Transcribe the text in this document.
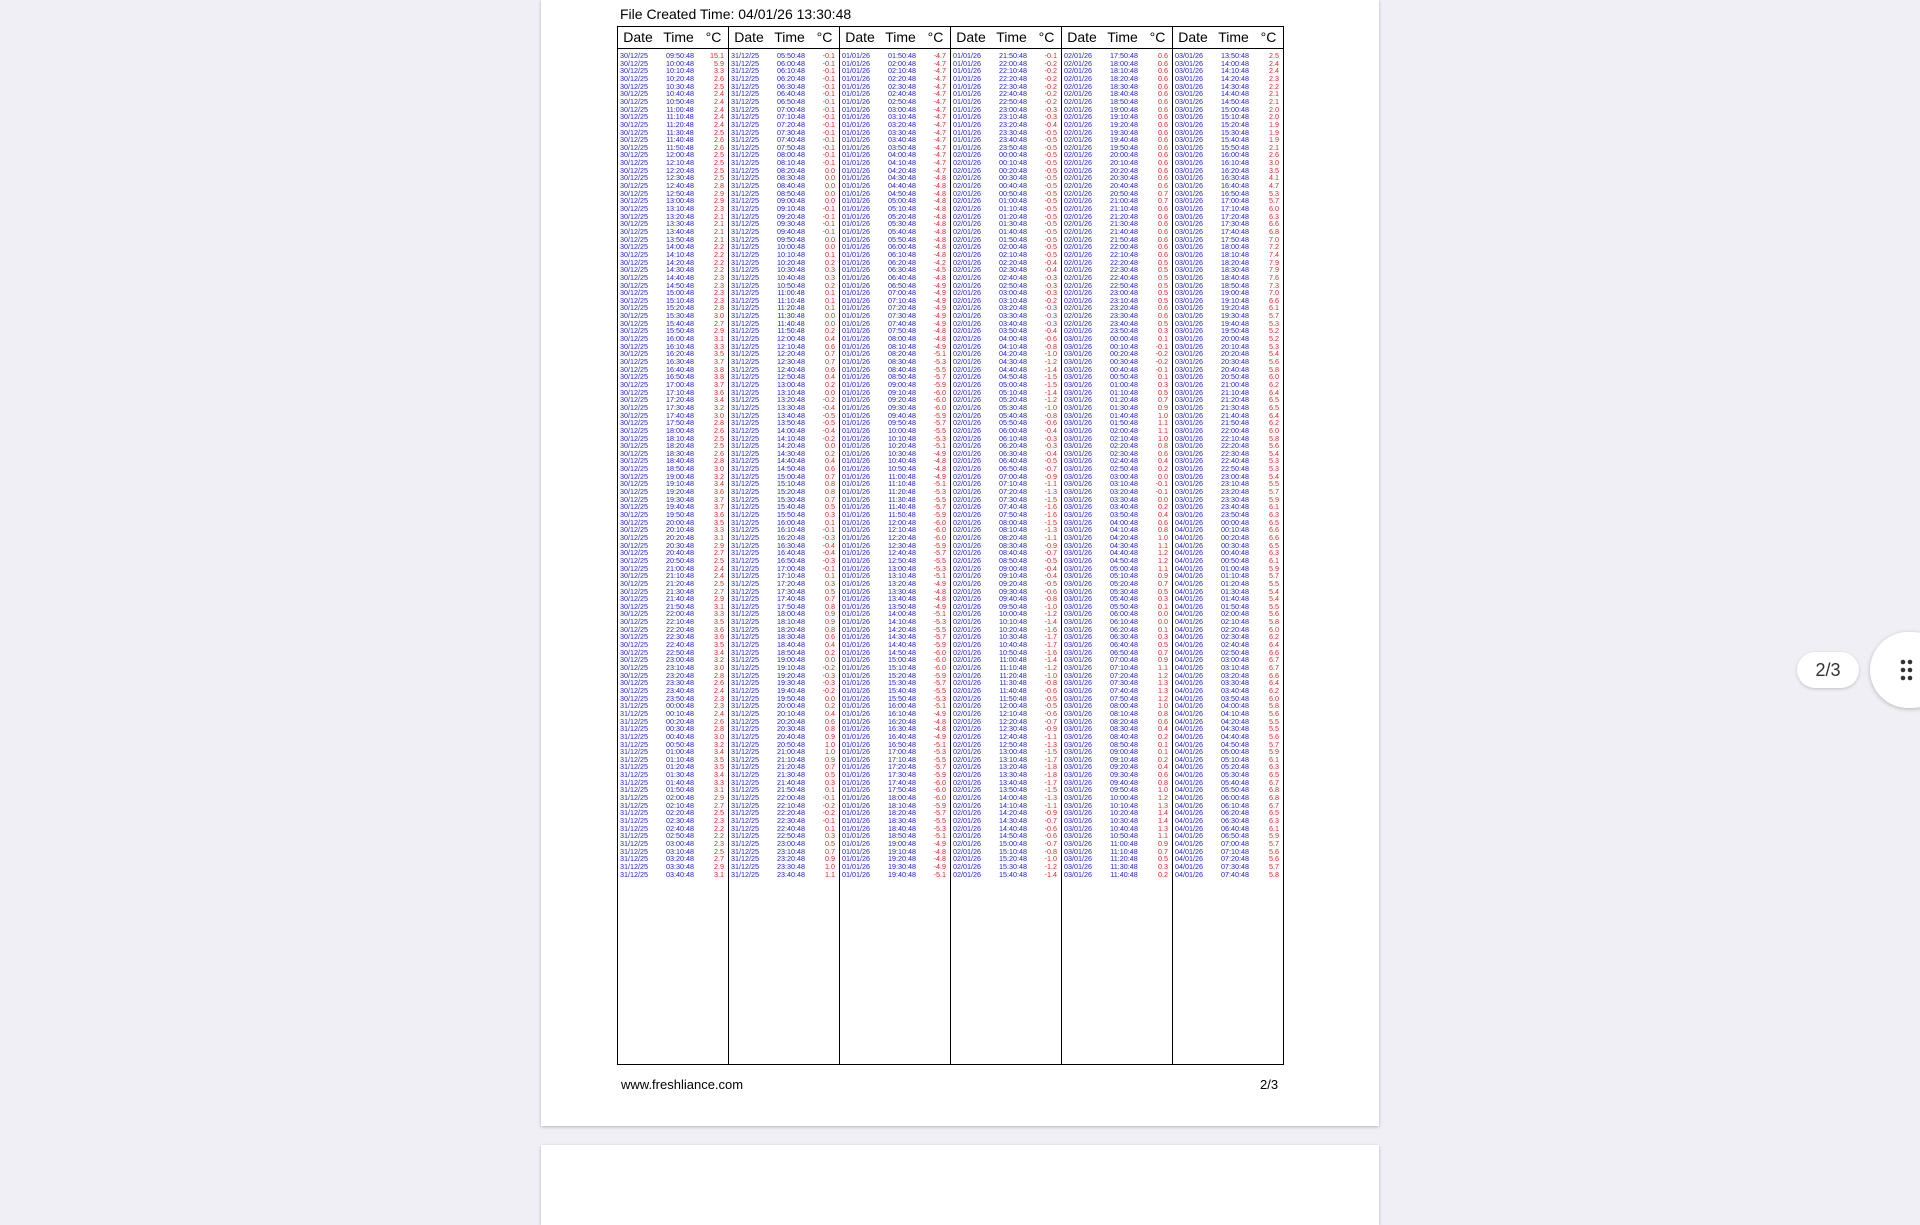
File Created Time: 04/01/26 13:30:48
Date Time °C
30/12/25	09:50:48	15.1
30/12/25	10:00:48	5.9
30/12/25	10:10:48	3.3
30/12/25	10:20:48	2.6
30/12/25	10:30:48	2.5
30/12/25	10:40:48	2.4
30/12/25	10:50:48	2.4
30/12/25	11:00:48	2.4
30/12/25	11:10:48	2.4
30/12/25	11:20:48	2.4
30/12/25	11:30:48	2.5
30/12/25	11:40:48	2.6
30/12/25	11:50:48	2.6
30/12/25	12:00:48	2.5
30/12/25	12:10:48	2.5
30/12/25	12:20:48	2.5
30/12/25	12:30:48	2.5
30/12/25	12:40:48	2.8
30/12/25	12:50:48	2.9
30/12/25	13:00:48	2.9
30/12/25	13:10:48	2.3
30/12/25	13:20:48	2.1
30/12/25	13:30:48	2.1
30/12/25	13:40:48	2.1
30/12/25	13:50:48	2.1
30/12/25	14:00:48	2.2
30/12/25	14:10:48	2.2
30/12/25	14:20:48	2.2
30/12/25	14:30:48	2.2
30/12/25	14:40:48	2.3
30/12/25	14:50:48	2.3
30/12/25	15:00:48	2.3
30/12/25	15:10:48	2.3
30/12/25	15:20:48	2.8
30/12/25	15:30:48	3.0
30/12/25	15:40:48	2.7
30/12/25	15:50:48	2.9
30/12/25	16:00:48	3.1
30/12/25	16:10:48	3.3
30/12/25	16:20:48	3.5
30/12/25	16:30:48	3.7
30/12/25	16:40:48	3.8
30/12/25	16:50:48	3.8
30/12/25	17:00:48	3.7
30/12/25	17:10:48	3.6
30/12/25	17:20:48	3.4
30/12/25	17:30:48	3.2
30/12/25	17:40:48	3.0
30/12/25	17:50:48	2.8
30/12/25	18:00:48	2.6
30/12/25	18:10:48	2.5
30/12/25	18:20:48	2.5
30/12/25	18:30:48	2.6
30/12/25	18:40:48	2.8
30/12/25	18:50:48	3.0
30/12/25	19:00:48	3.2
30/12/25	19:10:48	3.4
30/12/25	19:20:48	3.6
30/12/25	19:30:48	3.7
30/12/25	19:40:48	3.7
30/12/25	19:50:48	3.6
30/12/25	20:00:48	3.5
30/12/25	20:10:48	3.3
30/12/25	20:20:48	3.1
30/12/25	20:30:48	2.9
30/12/25	20:40:48	2.7
30/12/25	20:50:48	2.5
30/12/25	21:00:48	2.4
30/12/25	21:10:48	2.4
30/12/25	21:20:48	2.5
30/12/25	21:30:48	2.7
30/12/25	21:40:48	2.9
30/12/25	21:50:48	3.1
30/12/25	22:00:48	3.3
30/12/25	22:10:48	3.5
30/12/25	22:20:48	3.6
30/12/25	22:30:48	3.6
30/12/25	22:40:48	3.5
30/12/25	22:50:48	3.4
30/12/25	23:00:48	3.2
30/12/25	23:10:48	3.0
30/12/25	23:20:48	2.8
30/12/25	23:30:48	2.6
30/12/25	23:40:48	2.4
30/12/25	23:50:48	2.3
31/12/25	00:00:48	2.3
31/12/25	00:10:48	2.4
31/12/25	00:20:48	2.6
31/12/25	00:30:48	2.8
31/12/25	00:40:48	3.0
31/12/25	00:50:48	3.2
31/12/25	01:00:48	3.4
31/12/25	01:10:48	3.5
31/12/25	01:20:48	3.5
31/12/25	01:30:48	3.4
31/12/25	01:40:48	3.3
31/12/25	01:50:48	3.1
31/12/25	02:00:48	2.9
31/12/25	02:10:48	2.7
31/12/25	02:20:48	2.5
31/12/25	02:30:48	2.3
31/12/25	02:40:48	2.2
31/12/25	02:50:48	2.2
31/12/25	03:00:48	2.3
31/12/25	03:10:48	2.5
31/12/25	03:20:48	2.7
31/12/25	03:30:48	2.9
31/12/25	03:40:48	3.1
Date Time °C
31/12/25	05:50:48	-0.1
31/12/25	06:00:48	-0.1
31/12/25	06:10:48	-0.1
31/12/25	06:20:48	-0.1
31/12/25	06:30:48	-0.1
31/12/25	06:40:48	-0.1
31/12/25	06:50:48	-0.1
31/12/25	07:00:48	-0.1
31/12/25	07:10:48	-0.1
31/12/25	07:20:48	-0.1
31/12/25	07:30:48	-0.1
31/12/25	07:40:48	-0.1
31/12/25	07:50:48	-0.1
31/12/25	08:00:48	-0.1
31/12/25	08:10:48	-0.1
31/12/25	08:20:48	0.0
31/12/25	08:30:48	0.0
31/12/25	08:40:48	0.0
31/12/25	08:50:48	0.0
31/12/25	09:00:48	0.0
31/12/25	09:10:48	-0.1
31/12/25	09:20:48	-0.1
31/12/25	09:30:48	-0.1
31/12/25	09:40:48	-0.1
31/12/25	09:50:48	0.0
31/12/25	10:00:48	0.0
31/12/25	10:10:48	0.1
31/12/25	10:20:48	0.2
31/12/25	10:30:48	0.3
31/12/25	10:40:48	0.3
31/12/25	10:50:48	0.2
31/12/25	11:00:48	0.1
31/12/25	11:10:48	0.1
31/12/25	11:20:48	0.1
31/12/25	11:30:48	0.0
31/12/25	11:40:48	0.0
31/12/25	11:50:48	0.2
31/12/25	12:00:48	0.4
31/12/25	12:10:48	0.6
31/12/25	12:20:48	0.7
31/12/25	12:30:48	0.7
31/12/25	12:40:48	0.6
31/12/25	12:50:48	0.4
31/12/25	13:00:48	0.2
31/12/25	13:10:48	0.0
31/12/25	13:20:48	-0.2
31/12/25	13:30:48	-0.4
31/12/25	13:40:48	-0.5
31/12/25	13:50:48	-0.5
31/12/25	14:00:48	-0.4
31/12/25	14:10:48	-0.2
31/12/25	14:20:48	0.0
31/12/25	14:30:48	0.2
31/12/25	14:40:48	0.4
31/12/25	14:50:48	0.6
31/12/25	15:00:48	0.7
31/12/25	15:10:48	0.8
31/12/25	15:20:48	0.8
31/12/25	15:30:48	0.7
31/12/25	15:40:48	0.5
31/12/25	15:50:48	0.3
31/12/25	16:00:48	0.1
31/12/25	16:10:48	-0.1
31/12/25	16:20:48	-0.3
31/12/25	16:30:48	-0.4
31/12/25	16:40:48	-0.4
31/12/25	16:50:48	-0.3
31/12/25	17:00:48	-0.1
31/12/25	17:10:48	0.1
31/12/25	17:20:48	0.3
31/12/25	17:30:48	0.5
31/12/25	17:40:48	0.7
31/12/25	17:50:48	0.8
31/12/25	18:00:48	0.9
31/12/25	18:10:48	0.9
31/12/25	18:20:48	0.8
31/12/25	18:30:48	0.6
31/12/25	18:40:48	0.4
31/12/25	18:50:48	0.2
31/12/25	19:00:48	0.0
31/12/25	19:10:48	-0.2
31/12/25	19:20:48	-0.3
31/12/25	19:30:48	-0.3
31/12/25	19:40:48	-0.2
31/12/25	19:50:48	0.0
31/12/25	20:00:48	0.2
31/12/25	20:10:48	0.4
31/12/25	20:20:48	0.6
31/12/25	20:30:48	0.8
31/12/25	20:40:48	0.9
31/12/25	20:50:48	1.0
31/12/25	21:00:48	1.0
31/12/25	21:10:48	0.9
31/12/25	21:20:48	0.7
31/12/25	21:30:48	0.5
31/12/25	21:40:48	0.3
31/12/25	21:50:48	0.1
31/12/25	22:00:48	-0.1
31/12/25	22:10:48	-0.2
31/12/25	22:20:48	-0.2
31/12/25	22:30:48	-0.1
31/12/25	22:40:48	0.1
31/12/25	22:50:48	0.3
31/12/25	23:00:48	0.5
31/12/25	23:10:48	0.7
31/12/25	23:20:48	0.9
31/12/25	23:30:48	1.0
31/12/25	23:40:48	1.1
Date Time °C
01/01/26	01:50:48	-4.7
01/01/26	02:00:48	-4.7
01/01/26	02:10:48	-4.7
01/01/26	02:20:48	-4.7
01/01/26	02:30:48	-4.7
01/01/26	02:40:48	-4.7
01/01/26	02:50:48	-4.7
01/01/26	03:00:48	-4.7
01/01/26	03:10:48	-4.7
01/01/26	03:20:48	-4.7
01/01/26	03:30:48	-4.7
01/01/26	03:40:48	-4.7
01/01/26	03:50:48	-4.7
01/01/26	04:00:48	-4.7
01/01/26	04:10:48	-4.7
01/01/26	04:20:48	-4.7
01/01/26	04:30:48	-4.8
01/01/26	04:40:48	-4.8
01/01/26	04:50:48	-4.8
01/01/26	05:00:48	-4.8
01/01/26	05:10:48	-4.8
01/01/26	05:20:48	-4.8
01/01/26	05:30:48	-4.8
01/01/26	05:40:48	-4.8
01/01/26	05:50:48	-4.8
01/01/26	06:00:48	-4.8
01/01/26	06:10:48	-4.8
01/01/26	06:20:48	-4.2
01/01/26	06:30:48	-4.5
01/01/26	06:40:48	-4.8
01/01/26	06:50:48	-4.9
01/01/26	07:00:48	-4.9
01/01/26	07:10:48	-4.9
01/01/26	07:20:48	-4.9
01/01/26	07:30:48	-4.9
01/01/26	07:40:48	-4.9
01/01/26	07:50:48	-4.8
01/01/26	08:00:48	-4.8
01/01/26	08:10:48	-4.9
01/01/26	08:20:48	-5.1
01/01/26	08:30:48	-5.3
01/01/26	08:40:48	-5.5
01/01/26	08:50:48	-5.7
01/01/26	09:00:48	-5.9
01/01/26	09:10:48	-6.0
01/01/26	09:20:48	-6.0
01/01/26	09:30:48	-6.0
01/01/26	09:40:48	-5.9
01/01/26	09:50:48	-5.7
01/01/26	10:00:48	-5.5
01/01/26	10:10:48	-5.3
01/01/26	10:20:48	-5.1
01/01/26	10:30:48	-4.9
01/01/26	10:40:48	-4.8
01/01/26	10:50:48	-4.8
01/01/26	11:00:48	-4.9
01/01/26	11:10:48	-5.1
01/01/26	11:20:48	-5.3
01/01/26	11:30:48	-5.5
01/01/26	11:40:48	-5.7
01/01/26	11:50:48	-5.9
01/01/26	12:00:48	-6.0
01/01/26	12:10:48	-6.0
01/01/26	12:20:48	-6.0
01/01/26	12:30:48	-5.9
01/01/26	12:40:48	-5.7
01/01/26	12:50:48	-5.5
01/01/26	13:00:48	-5.3
01/01/26	13:10:48	-5.1
01/01/26	13:20:48	-4.9
01/01/26	13:30:48	-4.8
01/01/26	13:40:48	-4.8
01/01/26	13:50:48	-4.9
01/01/26	14:00:48	-5.1
01/01/26	14:10:48	-5.3
01/01/26	14:20:48	-5.5
01/01/26	14:30:48	-5.7
01/01/26	14:40:48	-5.9
01/01/26	14:50:48	-6.0
01/01/26	15:00:48	-6.0
01/01/26	15:10:48	-6.0
01/01/26	15:20:48	-5.9
01/01/26	15:30:48	-5.7
01/01/26	15:40:48	-5.5
01/01/26	15:50:48	-5.3
01/01/26	16:00:48	-5.1
01/01/26	16:10:48	-4.9
01/01/26	16:20:48	-4.8
01/01/26	16:30:48	-4.8
01/01/26	16:40:48	-4.9
01/01/26	16:50:48	-5.1
01/01/26	17:00:48	-5.3
01/01/26	17:10:48	-5.5
01/01/26	17:20:48	-5.7
01/01/26	17:30:48	-5.9
01/01/26	17:40:48	-6.0
01/01/26	17:50:48	-6.0
01/01/26	18:00:48	-6.0
01/01/26	18:10:48	-5.9
01/01/26	18:20:48	-5.7
01/01/26	18:30:48	-5.5
01/01/26	18:40:48	-5.3
01/01/26	18:50:48	-5.1
01/01/26	19:00:48	-4.9
01/01/26	19:10:48	-4.8
01/01/26	19:20:48	-4.8
01/01/26	19:30:48	-4.9
01/01/26	19:40:48	-5.1
Date Time °C
01/01/26	21:50:48	-0.1
01/01/26	22:00:48	-0.2
01/01/26	22:10:48	-0.2
01/01/26	22:20:48	-0.2
01/01/26	22:30:48	-0.2
01/01/26	22:40:48	-0.2
01/01/26	22:50:48	-0.2
01/01/26	23:00:48	-0.3
01/01/26	23:10:48	-0.3
01/01/26	23:20:48	-0.4
01/01/26	23:30:48	-0.5
01/01/26	23:40:48	-0.5
01/01/26	23:50:48	-0.5
02/01/26	00:00:48	-0.5
02/01/26	00:10:48	-0.5
02/01/26	00:20:48	-0.5
02/01/26	00:30:48	-0.5
02/01/26	00:40:48	-0.5
02/01/26	00:50:48	-0.5
02/01/26	01:00:48	-0.5
02/01/26	01:10:48	-0.5
02/01/26	01:20:48	-0.5
02/01/26	01:30:48	-0.5
02/01/26	01:40:48	-0.5
02/01/26	01:50:48	-0.5
02/01/26	02:00:48	-0.5
02/01/26	02:10:48	-0.5
02/01/26	02:20:48	-0.4
02/01/26	02:30:48	-0.4
02/01/26	02:40:48	-0.3
02/01/26	02:50:48	-0.3
02/01/26	03:00:48	-0.3
02/01/26	03:10:48	-0.2
02/01/26	03:20:48	-0.3
02/01/26	03:30:48	-0.3
02/01/26	03:40:48	-0.3
02/01/26	03:50:48	-0.4
02/01/26	04:00:48	-0.6
02/01/26	04:10:48	-0.8
02/01/26	04:20:48	-1.0
02/01/26	04:30:48	-1.2
02/01/26	04:40:48	-1.4
02/01/26	04:50:48	-1.5
02/01/26	05:00:48	-1.5
02/01/26	05:10:48	-1.4
02/01/26	05:20:48	-1.2
02/01/26	05:30:48	-1.0
02/01/26	05:40:48	-0.8
02/01/26	05:50:48	-0.6
02/01/26	06:00:48	-0.4
02/01/26	06:10:48	-0.3
02/01/26	06:20:48	-0.3
02/01/26	06:30:48	-0.4
02/01/26	06:40:48	-0.5
02/01/26	06:50:48	-0.7
02/01/26	07:00:48	-0.9
02/01/26	07:10:48	-1.1
02/01/26	07:20:48	-1.3
02/01/26	07:30:48	-1.5
02/01/26	07:40:48	-1.6
02/01/26	07:50:48	-1.6
02/01/26	08:00:48	-1.5
02/01/26	08:10:48	-1.3
02/01/26	08:20:48	-1.1
02/01/26	08:30:48	-0.9
02/01/26	08:40:48	-0.7
02/01/26	08:50:48	-0.5
02/01/26	09:00:48	-0.4
02/01/26	09:10:48	-0.4
02/01/26	09:20:48	-0.5
02/01/26	09:30:48	-0.6
02/01/26	09:40:48	-0.8
02/01/26	09:50:48	-1.0
02/01/26	10:00:48	-1.2
02/01/26	10:10:48	-1.4
02/01/26	10:20:48	-1.6
02/01/26	10:30:48	-1.7
02/01/26	10:40:48	-1.7
02/01/26	10:50:48	-1.6
02/01/26	11:00:48	-1.4
02/01/26	11:10:48	-1.2
02/01/26	11:20:48	-1.0
02/01/26	11:30:48	-0.8
02/01/26	11:40:48	-0.6
02/01/26	11:50:48	-0.5
02/01/26	12:00:48	-0.5
02/01/26	12:10:48	-0.6
02/01/26	12:20:48	-0.7
02/01/26	12:30:48	-0.9
02/01/26	12:40:48	-1.1
02/01/26	12:50:48	-1.3
02/01/26	13:00:48	-1.5
02/01/26	13:10:48	-1.7
02/01/26	13:20:48	-1.8
02/01/26	13:30:48	-1.8
02/01/26	13:40:48	-1.7
02/01/26	13:50:48	-1.5
02/01/26	14:00:48	-1.3
02/01/26	14:10:48	-1.1
02/01/26	14:20:48	-0.9
02/01/26	14:30:48	-0.7
02/01/26	14:40:48	-0.6
02/01/26	14:50:48	-0.6
02/01/26	15:00:48	-0.7
02/01/26	15:10:48	-0.8
02/01/26	15:20:48	-1.0
02/01/26	15:30:48	-1.2
02/01/26	15:40:48	-1.4
Date Time °C
02/01/26	17:50:48	0.6
02/01/26	18:00:48	0.6
02/01/26	18:10:48	0.6
02/01/26	18:20:48	0.6
02/01/26	18:30:48	0.6
02/01/26	18:40:48	0.6
02/01/26	18:50:48	0.6
02/01/26	19:00:48	0.6
02/01/26	19:10:48	0.6
02/01/26	19:20:48	0.6
02/01/26	19:30:48	0.6
02/01/26	19:40:48	0.6
02/01/26	19:50:48	0.6
02/01/26	20:00:48	0.6
02/01/26	20:10:48	0.6
02/01/26	20:20:48	0.6
02/01/26	20:30:48	0.6
02/01/26	20:40:48	0.6
02/01/26	20:50:48	0.7
02/01/26	21:00:48	0.7
02/01/26	21:10:48	0.6
02/01/26	21:20:48	0.6
02/01/26	21:30:48	0.6
02/01/26	21:40:48	0.6
02/01/26	21:50:48	0.6
02/01/26	22:00:48	0.6
02/01/26	22:10:48	0.6
02/01/26	22:20:48	0.5
02/01/26	22:30:48	0.5
02/01/26	22:40:48	0.5
02/01/26	22:50:48	0.5
02/01/26	23:00:48	0.5
02/01/26	23:10:48	0.5
02/01/26	23:20:48	0.6
02/01/26	23:30:48	0.6
02/01/26	23:40:48	0.5
02/01/26	23:50:48	0.3
03/01/26	00:00:48	0.1
03/01/26	00:10:48	-0.1
03/01/26	00:20:48	-0.2
03/01/26	00:30:48	-0.2
03/01/26	00:40:48	-0.1
03/01/26	00:50:48	0.1
03/01/26	01:00:48	0.3
03/01/26	01:10:48	0.5
03/01/26	01:20:48	0.7
03/01/26	01:30:48	0.9
03/01/26	01:40:48	1.0
03/01/26	01:50:48	1.1
03/01/26	02:00:48	1.1
03/01/26	02:10:48	1.0
03/01/26	02:20:48	0.8
03/01/26	02:30:48	0.6
03/01/26	02:40:48	0.4
03/01/26	02:50:48	0.2
03/01/26	03:00:48	0.0
03/01/26	03:10:48	-0.1
03/01/26	03:20:48	-0.1
03/01/26	03:30:48	0.0
03/01/26	03:40:48	0.2
03/01/26	03:50:48	0.4
03/01/26	04:00:48	0.6
03/01/26	04:10:48	0.8
03/01/26	04:20:48	1.0
03/01/26	04:30:48	1.1
03/01/26	04:40:48	1.2
03/01/26	04:50:48	1.2
03/01/26	05:00:48	1.1
03/01/26	05:10:48	0.9
03/01/26	05:20:48	0.7
03/01/26	05:30:48	0.5
03/01/26	05:40:48	0.3
03/01/26	05:50:48	0.1
03/01/26	06:00:48	0.0
03/01/26	06:10:48	0.0
03/01/26	06:20:48	0.1
03/01/26	06:30:48	0.3
03/01/26	06:40:48	0.5
03/01/26	06:50:48	0.7
03/01/26	07:00:48	0.9
03/01/26	07:10:48	1.1
03/01/26	07:20:48	1.2
03/01/26	07:30:48	1.3
03/01/26	07:40:48	1.3
03/01/26	07:50:48	1.2
03/01/26	08:00:48	1.0
03/01/26	08:10:48	0.8
03/01/26	08:20:48	0.6
03/01/26	08:30:48	0.4
03/01/26	08:40:48	0.2
03/01/26	08:50:48	0.1
03/01/26	09:00:48	0.1
03/01/26	09:10:48	0.2
03/01/26	09:20:48	0.4
03/01/26	09:30:48	0.6
03/01/26	09:40:48	0.8
03/01/26	09:50:48	1.0
03/01/26	10:00:48	1.2
03/01/26	10:10:48	1.3
03/01/26	10:20:48	1.4
03/01/26	10:30:48	1.4
03/01/26	10:40:48	1.3
03/01/26	10:50:48	1.1
03/01/26	11:00:48	0.9
03/01/26	11:10:48	0.7
03/01/26	11:20:48	0.5
03/01/26	11:30:48	0.3
03/01/26	11:40:48	0.2
Date Time °C
03/01/26	13:50:48	2.5
03/01/26	14:00:48	2.4
03/01/26	14:10:48	2.4
03/01/26	14:20:48	2.3
03/01/26	14:30:48	2.2
03/01/26	14:40:48	2.1
03/01/26	14:50:48	2.1
03/01/26	15:00:48	2.0
03/01/26	15:10:48	2.0
03/01/26	15:20:48	1.9
03/01/26	15:30:48	1.9
03/01/26	15:40:48	1.9
03/01/26	15:50:48	2.1
03/01/26	16:00:48	2.6
03/01/26	16:10:48	3.0
03/01/26	16:20:48	3.5
03/01/26	16:30:48	4.1
03/01/26	16:40:48	4.7
03/01/26	16:50:48	5.3
03/01/26	17:00:48	5.7
03/01/26	17:10:48	6.0
03/01/26	17:20:48	6.3
03/01/26	17:30:48	6.6
03/01/26	17:40:48	6.8
03/01/26	17:50:48	7.0
03/01/26	18:00:48	7.2
03/01/26	18:10:48	7.4
03/01/26	18:20:48	7.9
03/01/26	18:30:48	7.9
03/01/26	18:40:48	7.6
03/01/26	18:50:48	7.3
03/01/26	19:00:48	7.0
03/01/26	19:10:48	6.6
03/01/26	19:20:48	6.1
03/01/26	19:30:48	5.7
03/01/26	19:40:48	5.3
03/01/26	19:50:48	5.2
03/01/26	20:00:48	5.2
03/01/26	20:10:48	5.3
03/01/26	20:20:48	5.4
03/01/26	20:30:48	5.6
03/01/26	20:40:48	5.8
03/01/26	20:50:48	6.0
03/01/26	21:00:48	6.2
03/01/26	21:10:48	6.4
03/01/26	21:20:48	6.5
03/01/26	21:30:48	6.5
03/01/26	21:40:48	6.4
03/01/26	21:50:48	6.2
03/01/26	22:00:48	6.0
03/01/26	22:10:48	5.8
03/01/26	22:20:48	5.6
03/01/26	22:30:48	5.4
03/01/26	22:40:48	5.3
03/01/26	22:50:48	5.3
03/01/26	23:00:48	5.4
03/01/26	23:10:48	5.5
03/01/26	23:20:48	5.7
03/01/26	23:30:48	5.9
03/01/26	23:40:48	6.1
03/01/26	23:50:48	6.3
04/01/26	00:00:48	6.5
04/01/26	00:10:48	6.6
04/01/26	00:20:48	6.6
04/01/26	00:30:48	6.5
04/01/26	00:40:48	6.3
04/01/26	00:50:48	6.1
04/01/26	01:00:48	5.9
04/01/26	01:10:48	5.7
04/01/26	01:20:48	5.5
04/01/26	01:30:48	5.4
04/01/26	01:40:48	5.4
04/01/26	01:50:48	5.5
04/01/26	02:00:48	5.6
04/01/26	02:10:48	5.8
04/01/26	02:20:48	6.0
04/01/26	02:30:48	6.2
04/01/26	02:40:48	6.4
04/01/26	02:50:48	6.6
04/01/26	03:00:48	6.7
04/01/26	03:10:48	6.7
04/01/26	03:20:48	6.6
04/01/26	03:30:48	6.4
04/01/26	03:40:48	6.2
04/01/26	03:50:48	6.0
04/01/26	04:00:48	5.8
04/01/26	04:10:48	5.6
04/01/26	04:20:48	5.5
04/01/26	04:30:48	5.5
04/01/26	04:40:48	5.6
04/01/26	04:50:48	5.7
04/01/26	05:00:48	5.9
04/01/26	05:10:48	6.1
04/01/26	05:20:48	6.3
04/01/26	05:30:48	6.5
04/01/26	05:40:48	6.7
04/01/26	05:50:48	6.8
04/01/26	06:00:48	6.8
04/01/26	06:10:48	6.7
04/01/26	06:20:48	6.5
04/01/26	06:30:48	6.3
04/01/26	06:40:48	6.1
04/01/26	06:50:48	5.9
04/01/26	07:00:48	5.7
04/01/26	07:10:48	5.6
04/01/26	07:20:48	5.6
04/01/26	07:30:48	5.7
04/01/26	07:40:48	5.8
www.freshliance.com	2/3
2/3
